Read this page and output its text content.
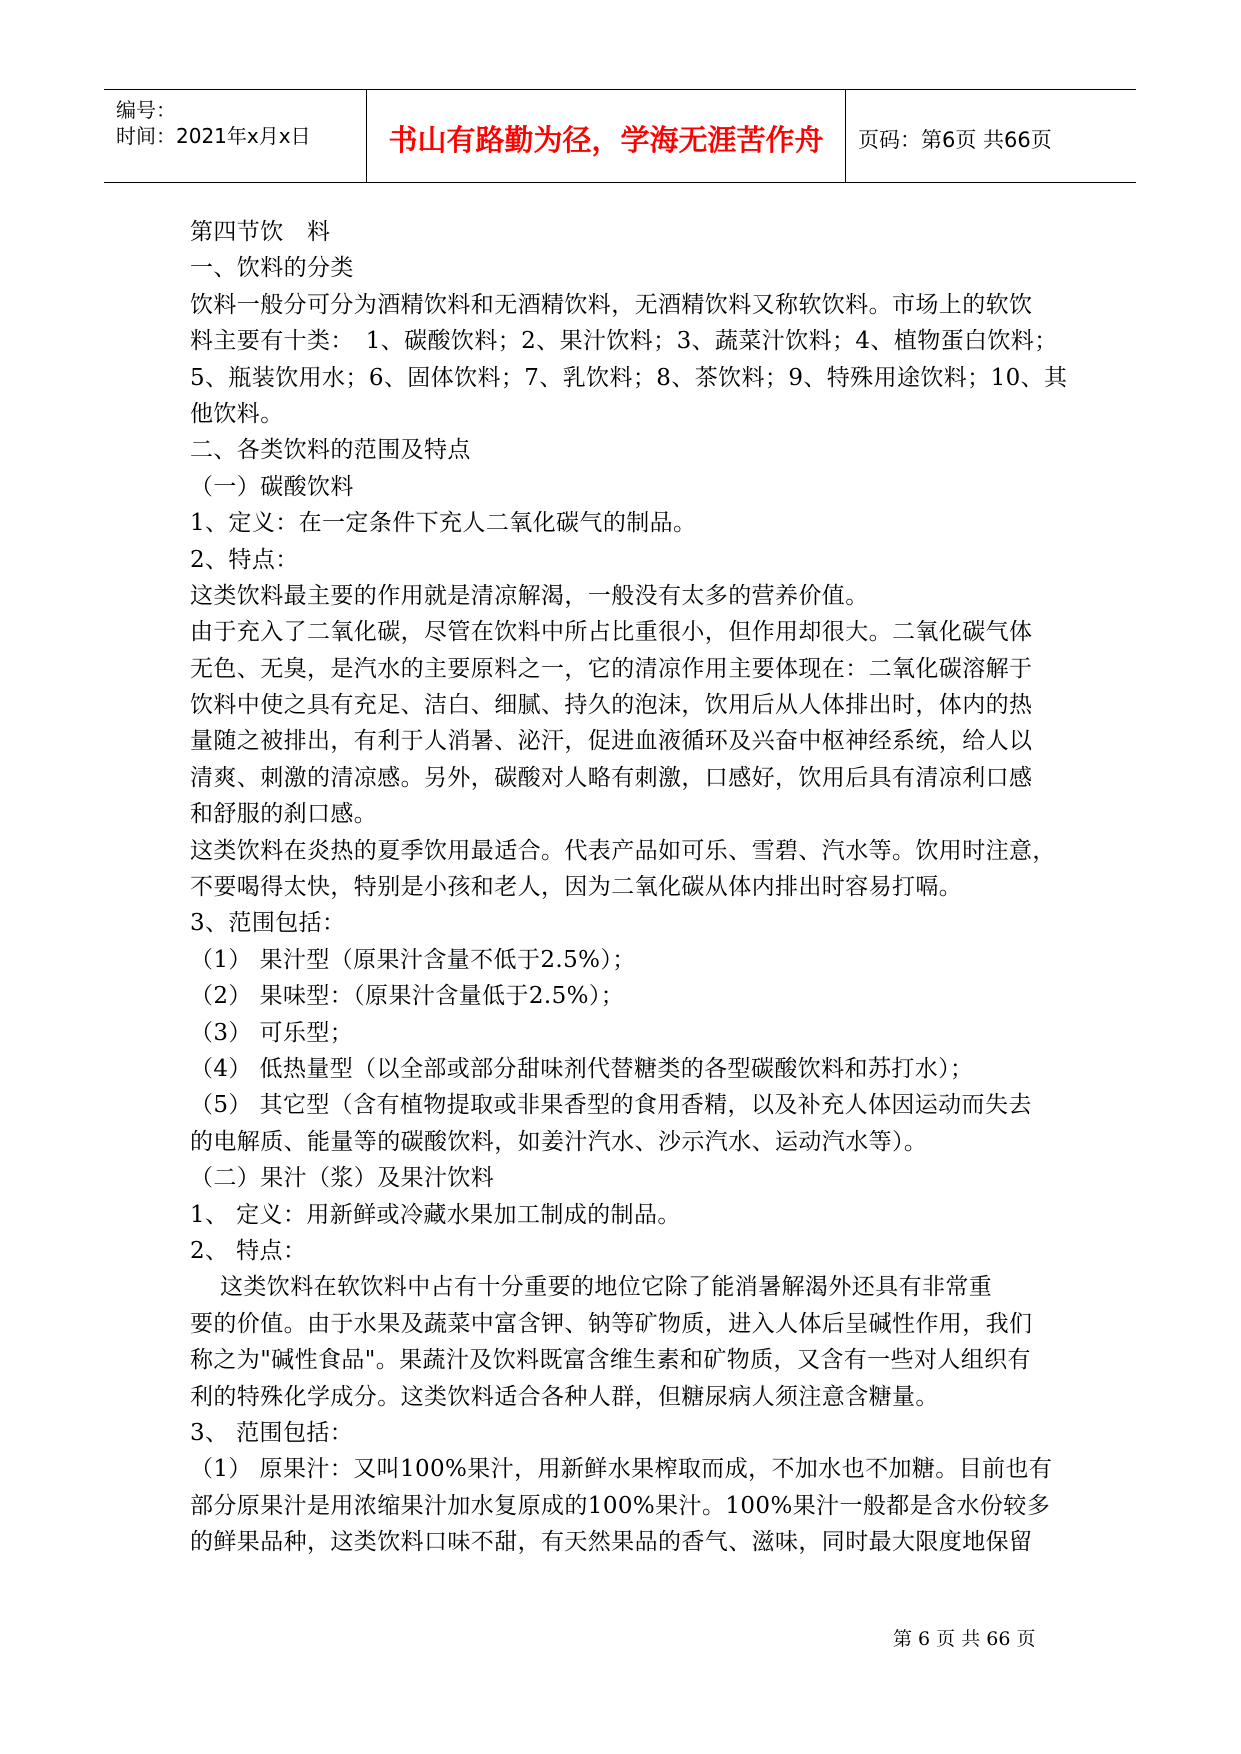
编号：
时间：2021年x月x日	书山有路勤为径，学海无涯苦作舟	页码：第6页 共66页
第四节饮　料
一、饮料的分类
饮料一般分可分为酒精饮料和无酒精饮料，无酒精饮料又称软饮料。市场上的软饮
料主要有十类：　1、碳酸饮料；2、果汁饮料；3、蔬菜汁饮料；4、植物蛋白饮料；
5、瓶装饮用水；6、固体饮料；7、乳饮料；8、茶饮料；9、特殊用途饮料；10、其
他饮料。
二、各类饮料的范围及特点
（一）碳酸饮料
1、定义：在一定条件下充人二氧化碳气的制品。
2、特点：
这类饮料最主要的作用就是清凉解渴，一般没有太多的营养价值。
由于充入了二氧化碳，尽管在饮料中所占比重很小，但作用却很大。二氧化碳气体
无色、无臭，是汽水的主要原料之一，它的清凉作用主要体现在：二氧化碳溶解于
饮料中使之具有充足、洁白、细腻、持久的泡沫，饮用后从人体排出时，体内的热
量随之被排出，有利于人消暑、泌汗，促进血液循环及兴奋中枢神经系统，给人以
清爽、刺激的清凉感。另外，碳酸对人略有刺激，口感好，饮用后具有清凉利口感
和舒服的刹口感。
这类饮料在炎热的夏季饮用最适合。代表产品如可乐、雪碧、汽水等。饮用时注意，
不要喝得太快，特别是小孩和老人，因为二氧化碳从体内排出时容易打嗝。
3、范围包括：
（1） 果汁型（原果汁含量不低于2.5%）；
（2） 果味型：（原果汁含量低于2.5%）；
（3） 可乐型；
（4） 低热量型（以全部或部分甜味剂代替糖类的各型碳酸饮料和苏打水）；
（5） 其它型（含有植物提取或非果香型的食用香精，以及补充人体因运动而失去
的电解质、能量等的碳酸饮料，如姜汁汽水、沙示汽水、运动汽水等）。
（二）果汁（浆）及果汁饮料
1、 定义：用新鲜或冷藏水果加工制成的制品。
2、 特点：
这类饮料在软饮料中占有十分重要的地位它除了能消暑解渴外还具有非常重
要的价值。由于水果及蔬菜中富含钾、钠等矿物质，进入人体后呈碱性作用，我们
称之为"碱性食品"。果蔬汁及饮料既富含维生素和矿物质，又含有一些对人组织有
利的特殊化学成分。这类饮料适合各种人群，但糖尿病人须注意含糖量。
3、 范围包括：
（1） 原果汁：又叫100%果汁，用新鲜水果榨取而成，不加水也不加糖。目前也有
部分原果汁是用浓缩果汁加水复原成的100%果汁。100%果汁一般都是含水份较多
的鲜果品种，这类饮料口味不甜，有天然果品的香气、滋味，同时最大限度地保留
第 6 页 共 66 页
